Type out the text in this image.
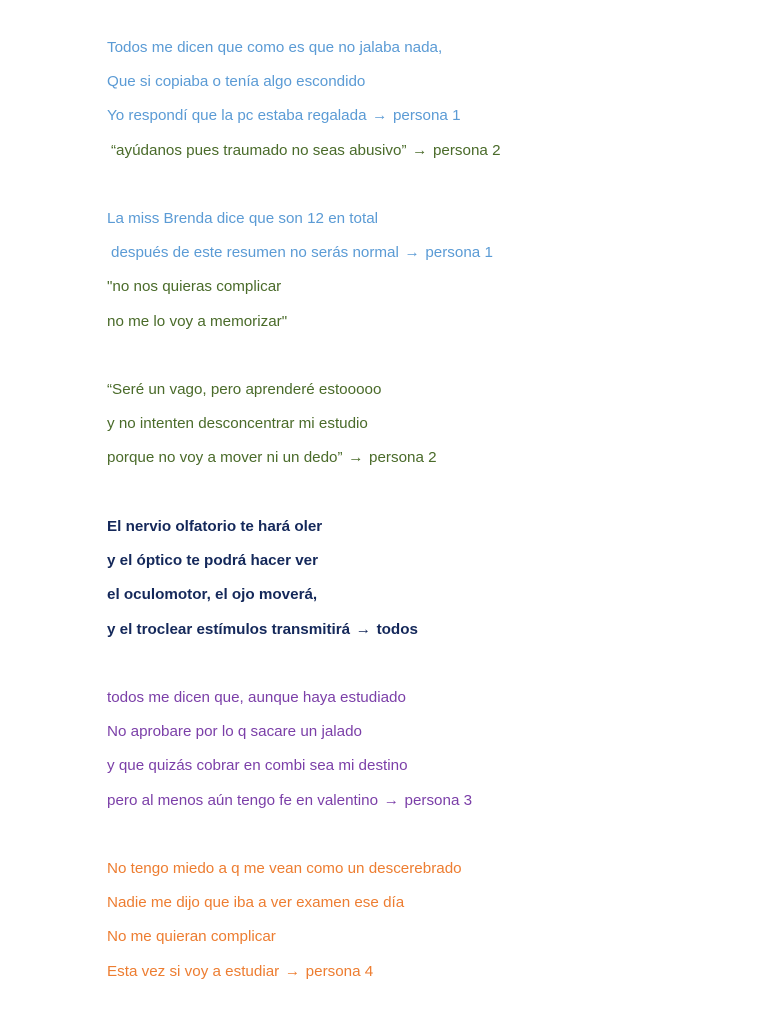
Todos me dicen que como es que no jalaba nada,
Que si copiaba o tenía algo escondido
Yo respondí que la pc estaba regalada → persona 1
“ayúdanos pues traumado no seas abusivo” → persona 2
La miss Brenda dice que son 12 en total
después de este resumen no serás normal → persona 1
"no nos quieras complicar
no me lo voy a memorizar"
“Seré un vago, pero aprenderé estooooo
y no intenten desconcentrar mi estudio
porque no voy a mover ni un dedo” → persona 2
El nervio olfatorio te hará oler
y el óptico te podrá hacer ver
el oculomotor, el ojo moverá,
y el troclear estímulos transmitirá → todos
todos me dicen que, aunque haya estudiado
No aprobare por lo q sacare un jalado
y que quizás cobrar en combi sea mi destino
pero al menos aún tengo fe en valentino → persona 3
No tengo miedo a q me vean como un descerebrado
Nadie me dijo que iba a ver examen ese día
No me quieran complicar
Esta vez si voy a estudiar → persona 4
